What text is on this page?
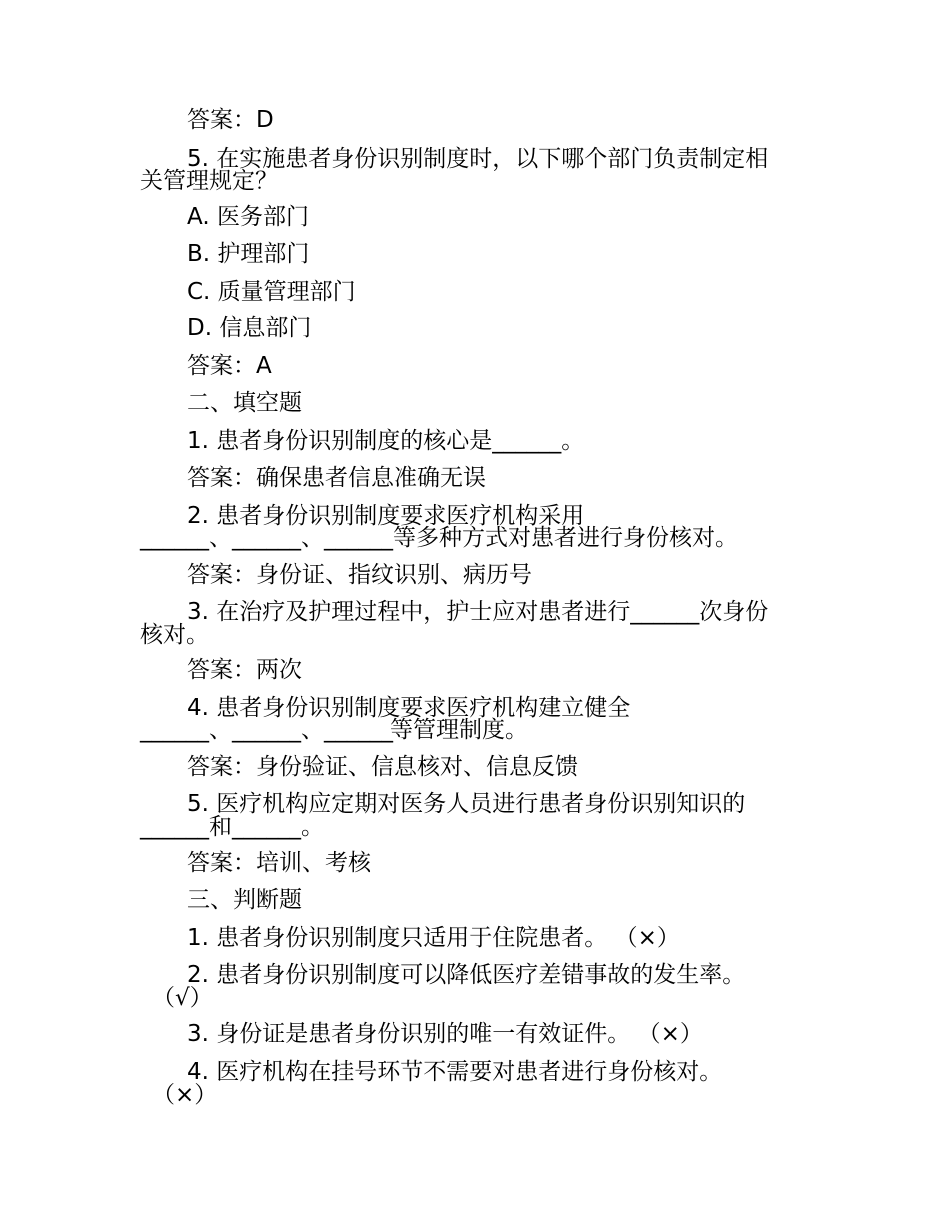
答案：D
5. 在实施患者身份识别制度时，以下哪个部门负责制定相
关管理规定？
A. 医务部门
B. 护理部门
C. 质量管理部门
D. 信息部门
答案：A
二、填空题
1. 患者身份识别制度的核心是______。
答案：确保患者信息准确无误
2. 患者身份识别制度要求医疗机构采用
______、______、______等多种方式对患者进行身份核对。
答案：身份证、指纹识别、病历号
3. 在治疗及护理过程中，护士应对患者进行______次身份
核对。
答案：两次
4. 患者身份识别制度要求医疗机构建立健全
______、______、______
等管理制度。
答案：身份验证、信息核对、信息反馈
5. 医疗机构应定期对医务人员进行患者身份识别知识的
______和______。
答案：培训、考核
三、判断题
1. 患者身份识别制度只适用于住院患者。 （×）
2. 患者身份识别制度可以降低医疗差错事故的发生率。
（√）
3. 身份证是患者身份识别的唯一有效证件。 （×）
4. 医疗机构在挂号环节不需要对患者进行身份核对。
（×）
